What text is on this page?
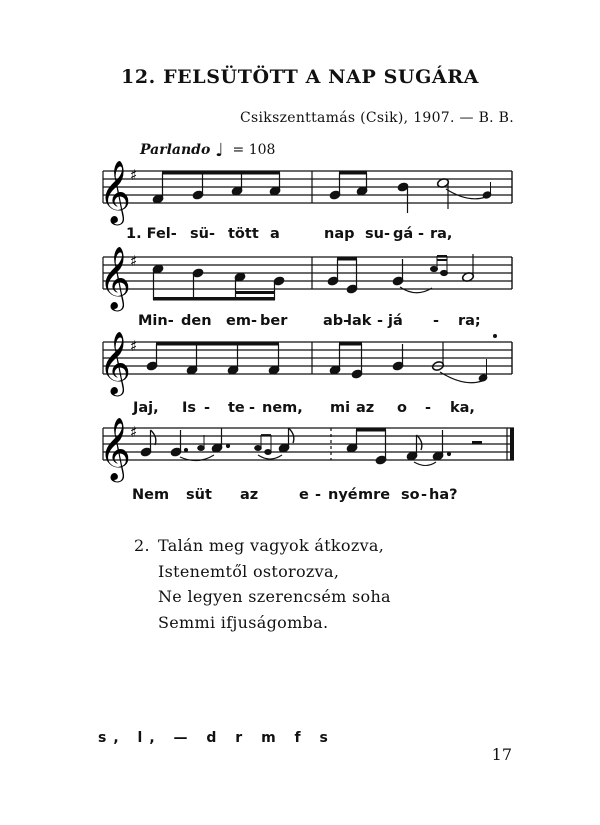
12. FELSÜTÖTT A NAP SUGÁRA
Csikszenttamás (Csik), 1907. — B. B.
Parlando ♩ = 108
𝄞 ♯
1. Fel- sü- tött a	nap su- gá - ra,
𝄞 ♯
Min- den em- ber ab-
lak - já - ra;
𝄞 ♯
Jaj, Is - te - nem, mi az o - ka,
𝄞 ♯
Nem süt az	e - nyé mre so - ha?
2. Talán meg vagyok átkozva,
Istenemtől ostorozva,
Ne legyen szerencsém soha
Semmi ifjuságomba.
s, l, — d r m f s
17
